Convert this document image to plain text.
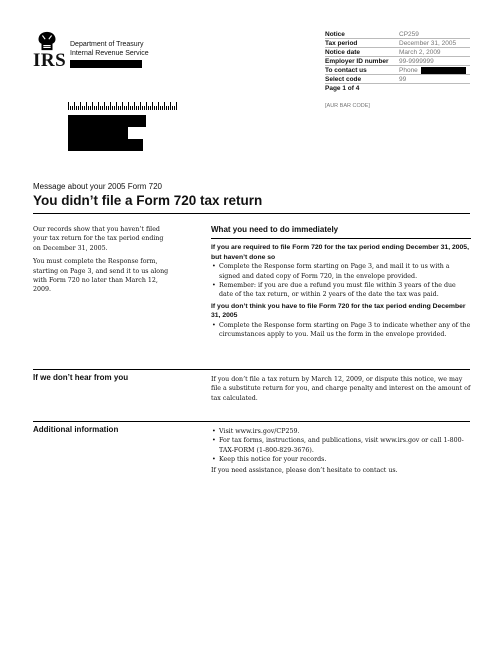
IRS
Department of Treasury
Internal Revenue Service
Notice	CP259
Tax period	December 31, 2005
Notice date	March 2, 2009
Employer ID number	99-9999999
To contact us	Phone
Select code	99
Page 1 of 4
[AUR BAR CODE]
Message about your 2005 Form 720
You didn’t file a Form 720 tax return

Our records show that you haven’t filed your tax return for the tax period ending on December 31, 2005.

You must complete the Response form, starting on Page 3, and send it to us along with Form 720 no later than March 12, 2009.

What you need to do immediately
If you are required to file Form 720 for the tax period ending December 31, 2005, but haven’t done so
• Complete the Response form starting on Page 3, and mail it to us with a signed and dated copy of Form 720, in the envelope provided.
• Remember: if you are due a refund you must file within 3 years of the due date of the tax return, or within 2 years of the date the tax was paid.
If you don’t think you have to file Form 720 for the tax period ending December 31, 2005
• Complete the Response form starting on Page 3 to indicate whether any of the circumstances apply to you. Mail us the form in the envelope provided.
If we don’t hear from you	If you don’t file a tax return by March 12, 2009, or dispute this notice, we may file a substitute return for you, and charge penalty and interest on the amount of tax calculated.
Additional information
•	Visit www.irs.gov/CP259.
• For tax forms, instructions, and publications, visit www.irs.gov or call 1-800-TAX-FORM (1-800-829-3676).
• Keep this notice for your records.
If you need assistance, please don’t hesitate to contact us.
